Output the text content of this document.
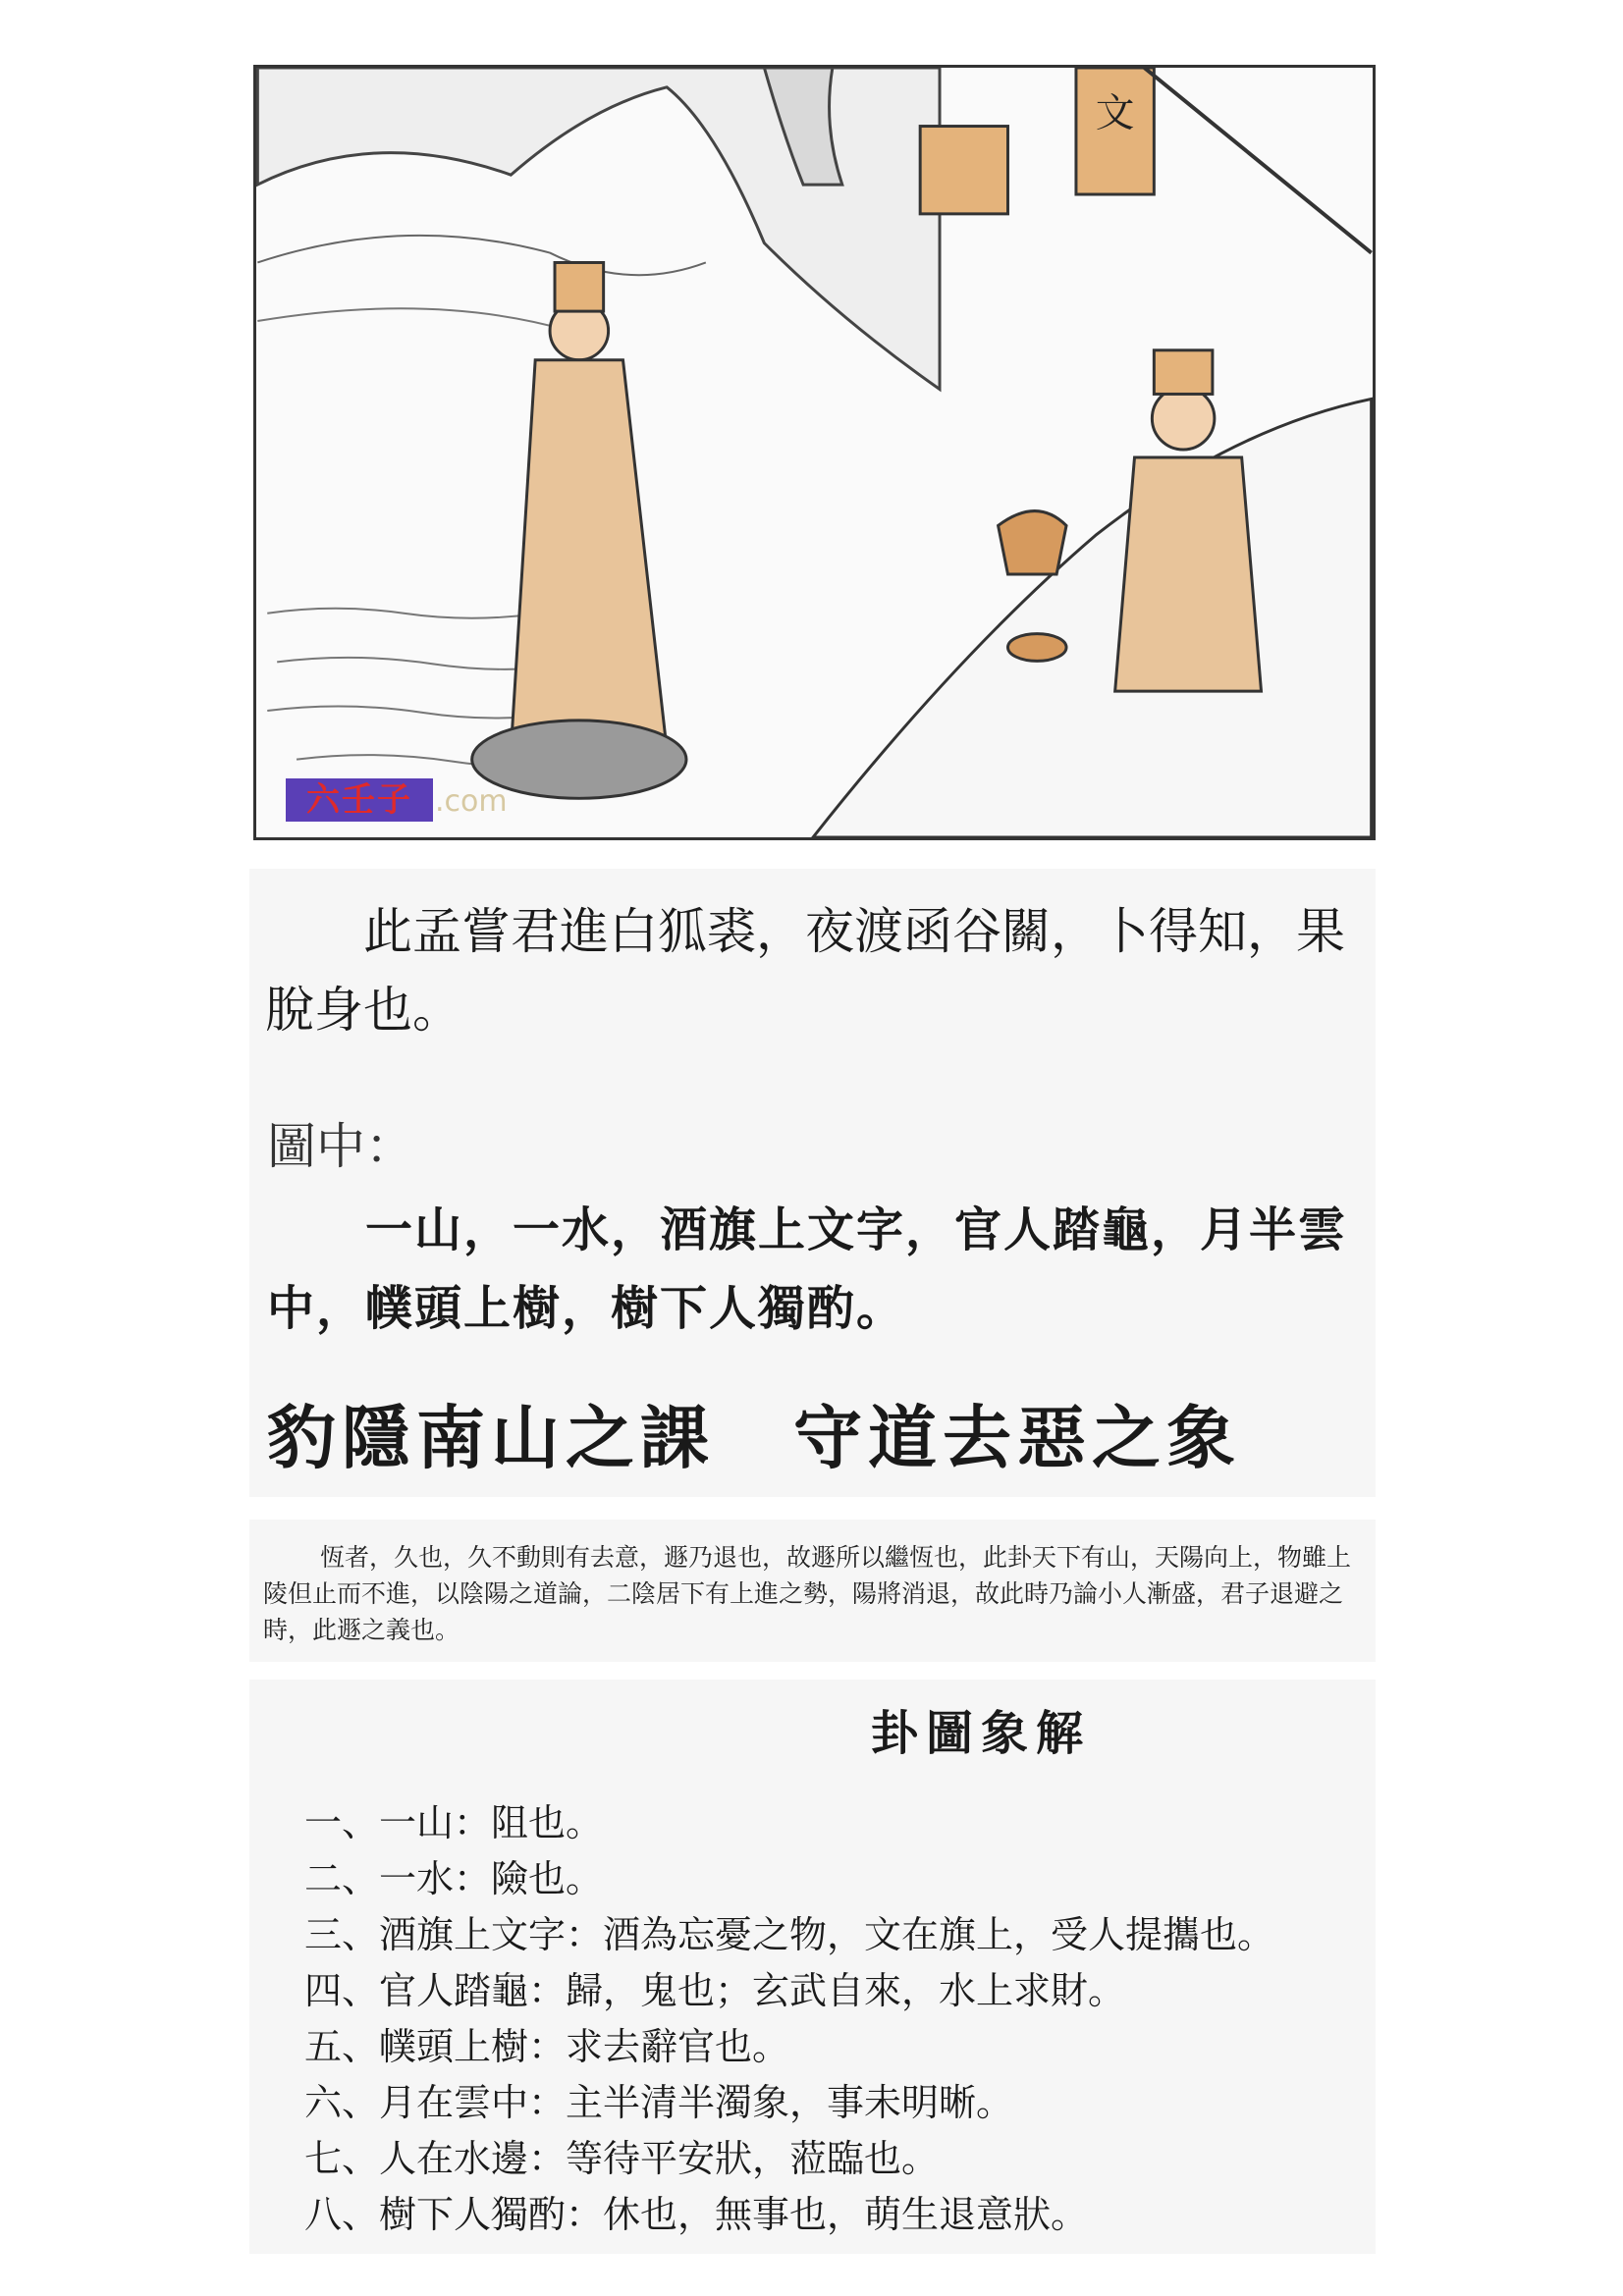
文
六壬子 .com

此孟嘗君進白狐裘，夜渡函谷關，卜得知，果脫身也。

圖中：

一山，一水，酒旗上文字，官人踏龜，月半雲中，幞頭上樹，樹下人獨酌。

豹隱南山之課 守道去惡之象

恆者，久也，久不動則有去意，遯乃退也，故遯所以繼恆也，此卦天下有山，天陽向上，物雖上陵但止而不進，以陰陽之道論，二陰居下有上進之勢，陽將消退，故此時乃論小人漸盛，君子退避之時，此遯之義也。

卦圖象解

一、一山：阻也。
二、一水：險也。
三、酒旗上文字：酒為忘憂之物，文在旗上，受人提攜也。
四、官人踏龜：歸，鬼也；玄武自來，水上求財。
五、幞頭上樹：求去辭官也。
六、月在雲中：主半清半濁象，事未明晰。
七、人在水邊：等待平安狀，蒞臨也。
八、樹下人獨酌：休也，無事也，萌生退意狀。
